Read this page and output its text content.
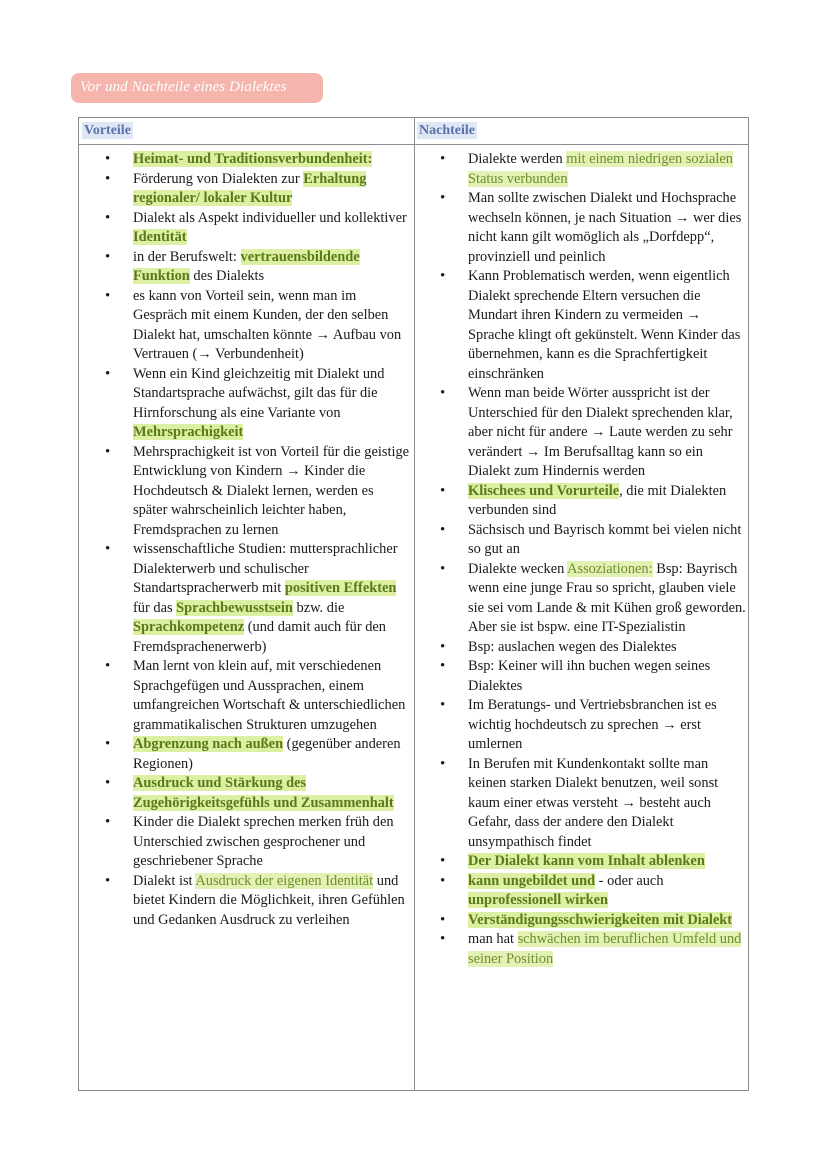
Vor und Nachteile eines Dialektes
Vorteile	Nachteile
• Heimat- und Traditionsverbundenheit:
• Förderung von Dialekten zur Erhaltung regionaler/ lokaler Kultur
• Dialekt als Aspekt individueller und kollektiver Identität
• in der Berufswelt: vertrauensbildende Funktion des Dialekts
• es kann von Vorteil sein, wenn man im Gespräch mit einem Kunden, der den selben Dialekt hat, umschalten könnte → Aufbau von Vertrauen (→ Verbundenheit)
• Wenn ein Kind gleichzeitig mit Dialekt und Standartsprache aufwächst, gilt das für die Hirnforschung als eine Variante von Mehrsprachigkeit
• Mehrsprachigkeit ist von Vorteil für die geistige Entwicklung von Kindern → Kinder die Hochdeutsch & Dialekt lernen, werden es später wahrscheinlich leichter haben, Fremdsprachen zu lernen
• wissenschaftliche Studien: muttersprachlicher Dialekterwerb und schulischer Standartspracherwerb mit positiven Effekten für das Sprachbewusstsein bzw. die Sprachkompetenz (und damit auch für den Fremdsprachenerwerb)
• Man lernt von klein auf, mit verschiedenen Sprachgefügen und Aussprachen, einem umfangreichen Wortschaft & unterschiedlichen grammatikalischen Strukturen umzugehen
• Abgrenzung nach außen (gegenüber anderen Regionen)
• Ausdruck und Stärkung des Zugehörigkeitsgefühls und Zusammenhalt
• Kinder die Dialekt sprechen merken früh den Unterschied zwischen gesprochener und geschriebener Sprache
• Dialekt ist Ausdruck der eigenen Identität und bietet Kindern die Möglichkeit, ihren Gefühlen und Gedanken Ausdruck zu verleihen
• Dialekte werden mit einem niedrigen sozialen Status verbunden
• Man sollte zwischen Dialekt und Hochsprache wechseln können, je nach Situation → wer dies nicht kann gilt womöglich als „Dorfdepp“, provinziell und peinlich
• Kann Problematisch werden, wenn eigentlich Dialekt sprechende Eltern versuchen die Mundart ihren Kindern zu vermeiden → Sprache klingt oft gekünstelt. Wenn Kinder das übernehmen, kann es die Sprachfertigkeit einschränken
• Wenn man beide Wörter ausspricht ist der Unterschied für den Dialekt sprechenden klar, aber nicht für andere → Laute werden zu sehr verändert → Im Berufsalltag kann so ein Dialekt zum Hindernis werden
• Klischees und Vorurteile, die mit Dialekten verbunden sind
• Sächsisch und Bayrisch kommt bei vielen nicht so gut an
• Dialekte wecken Assoziationen: Bsp: Bayrisch wenn eine junge Frau so spricht, glauben viele sie sei vom Lande & mit Kühen groß geworden. Aber sie ist bspw. eine IT-Spezialistin
• Bsp: auslachen wegen des Dialektes
• Bsp: Keiner will ihn buchen wegen seines Dialektes
• Im Beratungs- und Vertriebsbranchen ist es wichtig hochdeutsch zu sprechen → erst umlernen
• In Berufen mit Kundenkontakt sollte man keinen starken Dialekt benutzen, weil sonst kaum einer etwas versteht → besteht auch Gefahr, dass der andere den Dialekt unsympathisch findet
• Der Dialekt kann vom Inhalt ablenken
• kann ungebildet und - oder auch unprofessionell wirken
• Verständigungsschwierigkeiten mit Dialekt
• man hat schwächen im beruflichen Umfeld und seiner Position
